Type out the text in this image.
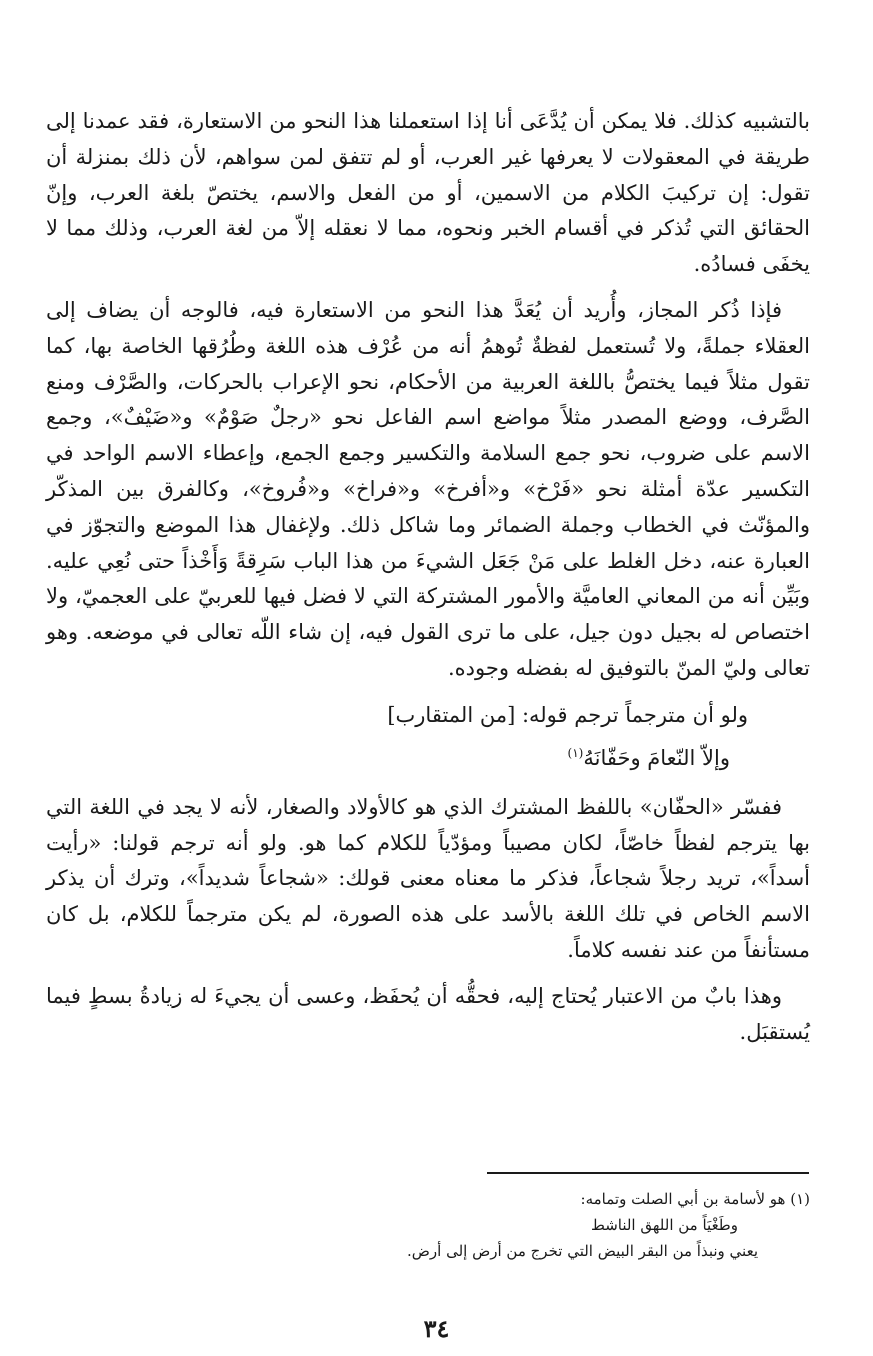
بالتشبيه كذلك. فلا يمكن أن يُدَّعَى أنا إذا استعملنا هذا النحو من الاستعارة، فقد عمدنا إلى طريقة في المعقولات لا يعرفها غير العرب، أو لم تتفق لمن سواهم، لأن ذلك بمنزلة أن تقول: إن تركيبَ الكلام من الاسمين، أو من الفعل والاسم، يختصّ بلغة العرب، وإنّ الحقائق التي تُذكر في أقسام الخبر ونحوه، مما لا نعقله إلاّ من لغة العرب، وذلك مما لا يخفَى فسادُه.

فإذا ذُكر المجاز، وأُريد أن يُعَدَّ هذا النحو من الاستعارة فيه، فالوجه أن يضاف إلى العقلاء جملةً، ولا تُستعمل لفظةٌ تُوهمُ أنه من عُرْف هذه اللغة وطُرُقها الخاصة بها، كما تقول مثلاً فيما يختصُّ باللغة العربية من الأحكام، نحو الإعراب بالحركات، والصَّرْف ومنع الصَّرف، ووضع المصدر مثلاً مواضع اسم الفاعل نحو «رجلٌ صَوْمٌ» و«ضَيْفٌ»، وجمع الاسم على ضروب، نحو جمع السلامة والتكسير وجمع الجمع، وإعطاء الاسم الواحد في التكسير عدّة أمثلة نحو «فَرْخ» و«أفرخ» و«فراخ» و«فُروخ»، وكالفرق بين المذكّر والمؤنّث في الخطاب وجملة الضمائر وما شاكل ذلك. ولإغفال هذا الموضع والتجوّز في العبارة عنه، دخل الغلط على مَنْ جَعَل الشيءَ من هذا الباب سَرِقةً وَأَخْذاً حتى نُعِي عليه. وبَيِّن أنه من المعاني العاميَّة والأمور المشتركة التي لا فضل فيها للعربيّ على العجميّ، ولا اختصاص له بجيل دون جيل، على ما ترى القول فيه، إن شاء اللّه تعالى في موضعه. وهو تعالى وليّ المنّ بالتوفيق له بفضله وجوده.

ولو أن مترجماً ترجم قوله: [من المتقارب]

وإلاّ النّعامَ وحَفّانَهُ$^{(١)}$

ففسّر «الحفّان» باللفظ المشترك الذي هو كالأولاد والصغار، لأنه لا يجد في اللغة التي بها يترجم لفظاً خاصّاً، لكان مصيباً ومؤدّياً للكلام كما هو. ولو أنه ترجم قولنا: «رأيت أسداً»، تريد رجلاً شجاعاً، فذكر ما معناه معنى قولك: «شجاعاً شديداً»، وترك أن يذكر الاسم الخاص في تلك اللغة بالأسد على هذه الصورة، لم يكن مترجماً للكلام، بل كان مستأنفاً من عند نفسه كلاماً.

وهذا بابٌ من الاعتبار يُحتاج إليه، فحقُّه أن يُحفَظ، وعسى أن يجيءَ له زيادةُ بسطٍ فيما يُستقبَل.

(١) هو لأسامة بن أبي الصلت وتمامه:

وطَغْيَاً من اللهق الناشط

يعني ونبذاً من البقر البيض التي تخرج من أرض إلى أرض.

٣٤
